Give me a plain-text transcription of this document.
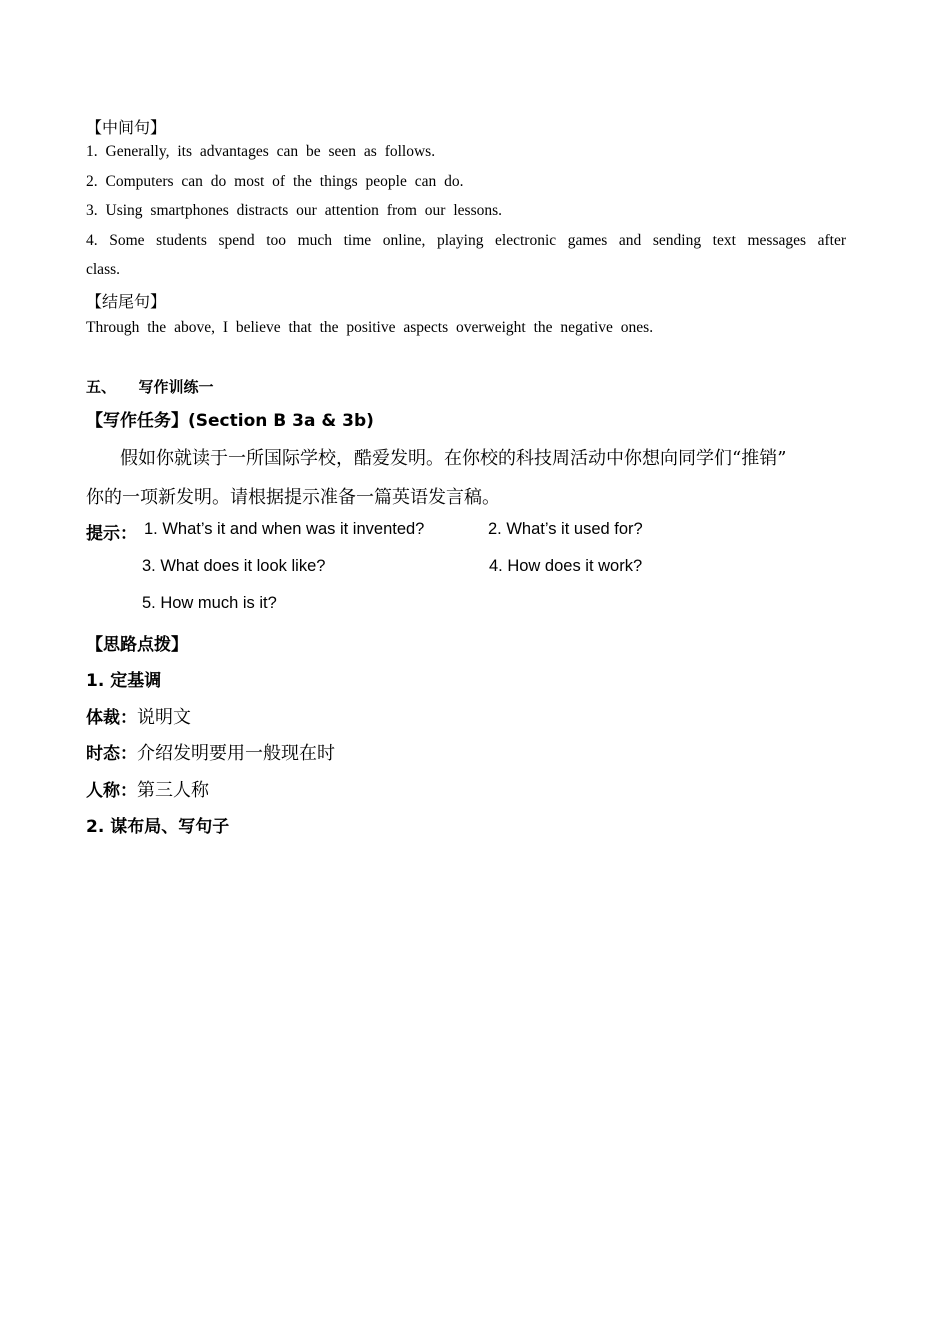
【中间句】
1. Generally, its advantages can be seen as follows.
2. Computers can do most of the things people can do.
3. Using smartphones distracts our attention from our lessons.
4. Some students spend too much time online, playing electronic games and sending text messages after
class.
【结尾句】
Through the above, I believe that the positive aspects overweight the negative ones.
五、 写作训练一
【写作任务】(Section B 3a & 3b)
假如你就读于一所国际学校，酷爱发明。在你校的科技周活动中你想向同学们“推销”
你的一项新发明。请根据提示准备一篇英语发言稿。
提示： 1. What’s it and when was it invented?	2. What’s it used for?
3. What does it look like?	4. How does it work?
5. How much is it?
【思路点拨】
1. 定基调
体裁：说明文
时态：介绍发明要用一般现在时
人称：第三人称
2. 谋布局、写句子
